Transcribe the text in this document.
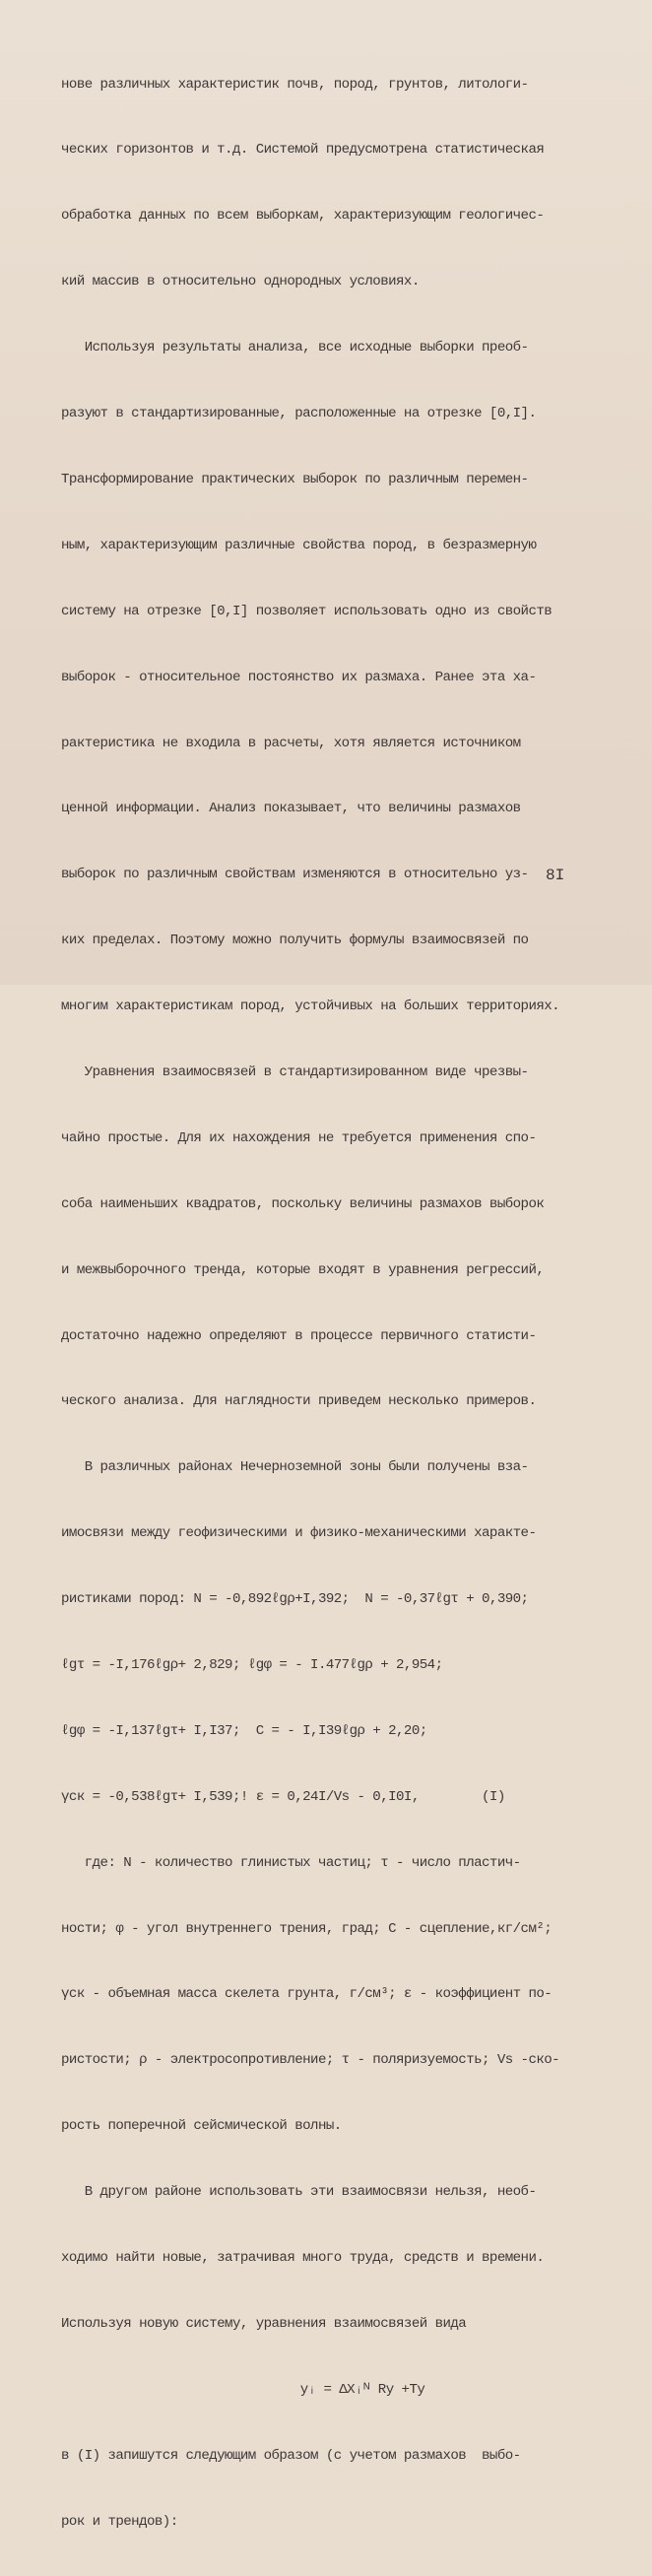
нове различных характеристик почв, пород, грунтов, литологи-

ческих горизонтов и т.д. Системой предусмотрена статистическая

обработка данных по всем выборкам, характеризующим геологичес-

кий массив в относительно однородных условиях.

Используя результаты анализа, все исходные выборки преоб-

разуют в стандартизированные, расположенные на отрезке [0,I].

Трансформирование практических выборок по различным перемен-

ным, характеризующим различные свойства пород, в безразмерную

систему на отрезке [0,I] позволяет использовать одно из свойств

выборок - относительное постоянство их размаха. Ранее эта ха-

рактеристика не входила в расчеты, хотя является источником

ценной информации. Анализ показывает, что величины размахов

выборок по различным свойствам изменяются в относительно уз-

ких пределах. Поэтому можно получить формулы взаимосвязей по

многим характеристикам пород, устойчивых на больших территориях.

Уравнения взаимосвязей в стандартизированном виде чрезвы-

чайно простые. Для их нахождения не требуется применения спо-

соба наименьших квадратов, поскольку величины размахов выборок

и межвыборочного тренда, которые входят в уравнения регрессий,

достаточно надежно определяют в процессе первичного статисти-

ческого анализа. Для наглядности приведем несколько примеров.

В различных районах Нечерноземной зоны были получены вза-

имосвязи между геофизическими и физико-механическими характе-

ристиками пород: N = -0,892ℓgρ+I,392;  N = -0,37ℓgτ + 0,390;

ℓgτ = -I,176ℓgρ+ 2,829; ℓgφ = - I.477ℓgρ + 2,954;

ℓgφ = -I,137ℓgτ+ I,I37;  C = - I,I39ℓgρ + 2,20;

γск = -0,538ℓgτ+ I,539;! ε = 0,24I/Vs - 0,I0I,        (I)

где: N - количество глинистых частиц; τ - число пластич-

ности; φ - угол внутреннего трения, град; C - сцепление,кг/см²;

γск - объемная масса скелета грунта, г/см³; ε - коэффициент по-

ристости; ρ - электросопротивление; τ - поляризуемость; Vs -ско-

рость поперечной сейсмической волны.

В другом районе использовать эти взаимосвязи нельзя, необ-

ходимо найти новые, затрачивая много труда, средств и времени.

Используя новую систему, уравнения взаимосвязей вида

yᵢ = ΔXᵢᴺ Ry +Ty

в (I) запишутся следующим образом (с учетом размахов  выбо-

рок и трендов):

8I
